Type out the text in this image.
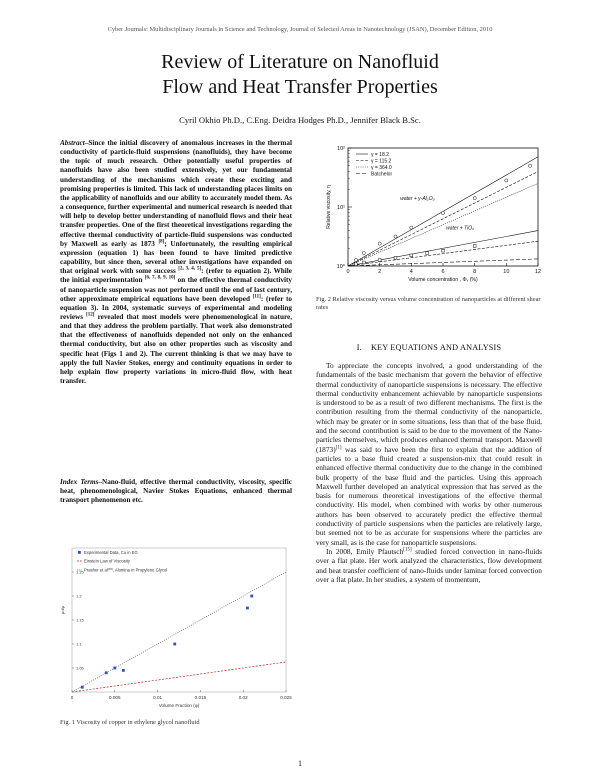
Cyber Journals: Multidisciplinary Journals in Science and Technology, Journal of Selected Areas in Nanotechnology (JSAN), December Edition, 2010
Review of Literature on Nanofluid
Flow and Heat Transfer Properties
Cyril Okhio Ph.D., C.Eng. Deidra Hodges Ph.D., Jennifer Black B.Sc.
Abstract–Since the initial discovery of anomalous increases in the thermal conductivity of particle-fluid suspensions (nanofluids), they have become the topic of much research. Other potentially useful properties of nanofluids have also been studied extensively, yet our fundamental understanding of the mechanisms which create these exciting and promising properties is limited. This lack of understanding places limits on the applicability of nanofluids and our ability to accurately model them. As a consequence, further experimental and numerical research is needed that will help to develop better understanding of nanofluid flows and their heat transfer properties. One of the first theoretical investigations regarding the effective thermal conductivity of particle-fluid suspensions was conducted by Maxwell as early as 1873 [8]; Unfortunately, the resulting empirical expression (equation 1) has been found to have limited predictive capability, but since then, several other investigations have expanded on that original work with some success [2, 3, 4, 5]: (refer to equation 2). While the initial experimentation [6, 7, 8, 9, 10] on the effective thermal conductivity of nanoparticle suspension was not performed until the end of last century, other approximate empirical equations have been developed [11]: (refer to equation 3). In 2004, systematic surveys of experimental and modeling reviews [12] revealed that most models were phenomenological in nature, and that they address the problem partially. That work also demonstrated that the effectiveness of nanofluids depended not only on the enhanced thermal conductivity, but also on other properties such as viscosity and specific heat (Figs 1 and 2). The current thinking is that we may have to apply the full Navier Stokes, energy and continuity equations in order to help explain flow property variations in micro-fluid flow, with heat transfer.
Index Terms–Nano-fluid, effective thermal conductivity, viscosity, specific heat, phenomenological, Navier Stokes Equations, enhanced thermal transport phenomenon etc.
1.05
1.1
1.15
1.2
1.25
0	0.005	0.01	0.015	0.02	0.025
Volume Fraction (φ)
μₙf/μ
Experimental Data, Cu in EG
Einstein Law of Viscosity
Prasher et al[15], Alumina in Propylene Glycol
Fig. 1 Viscosity of copper in ethylene glycol nanofluid
10⁰
10¹
10²
0	2	4	6	8	10	12
Volume concentration , Φᵥ (%)
Relative viscosity, η	water + γ-Al₂O₃
water + TiO₂
γ = 18.2
γ = 115.2
γ = 364.0
Batchelor
Fig. 2 Relative viscosity versus volume concentration of nanoparticles at different shear rates
I. KEY EQUATIONS AND ANALYSIS

To appreciate the concepts involved, a good understanding of the fundamentals of the basic mechanism that govern the behavior of effective thermal conductivity of nanoparticle suspensions is necessary. The effective thermal conductivity enhancement achievable by nanoparticle suspensions is understood to be as a result of two different mechanisms. The first is the contribution resulting from the thermal conductivity of the nanoparticle, which may be greater or in some situations, less than that of the base fluid, and the second contribution is said to be due to the movement of the Nano-particles themselves, which produces enhanced thermal transport. Maxwell (1873)[1] was said to have been the first to explain that the addition of particles to a base fluid created a suspension-mix that could result in enhanced effective thermal conductivity due to the change in the combined bulk property of the base fluid and the particles. Using this approach Maxwell further developed an analytical expression that has served as the basis for numerous theoretical investigations of the effective thermal conductivity. His model, when combined with works by other numerous authors has been observed to accurately predict the effective thermal conductivity of particle suspensions when the particles are relatively large, but seemed not to be as accurate for suspensions where the particles are very small, as is the case for nanoparticle suspensions.

In 2008, Emily Pfautsch[15] studied forced convection in nano-fluids over a flat plate. Her work analyzed the characteristics, flow development and heat transfer coefficient of nano-fluids under laminar forced convection over a flat plate. In her studies, a system of momentum,

1
